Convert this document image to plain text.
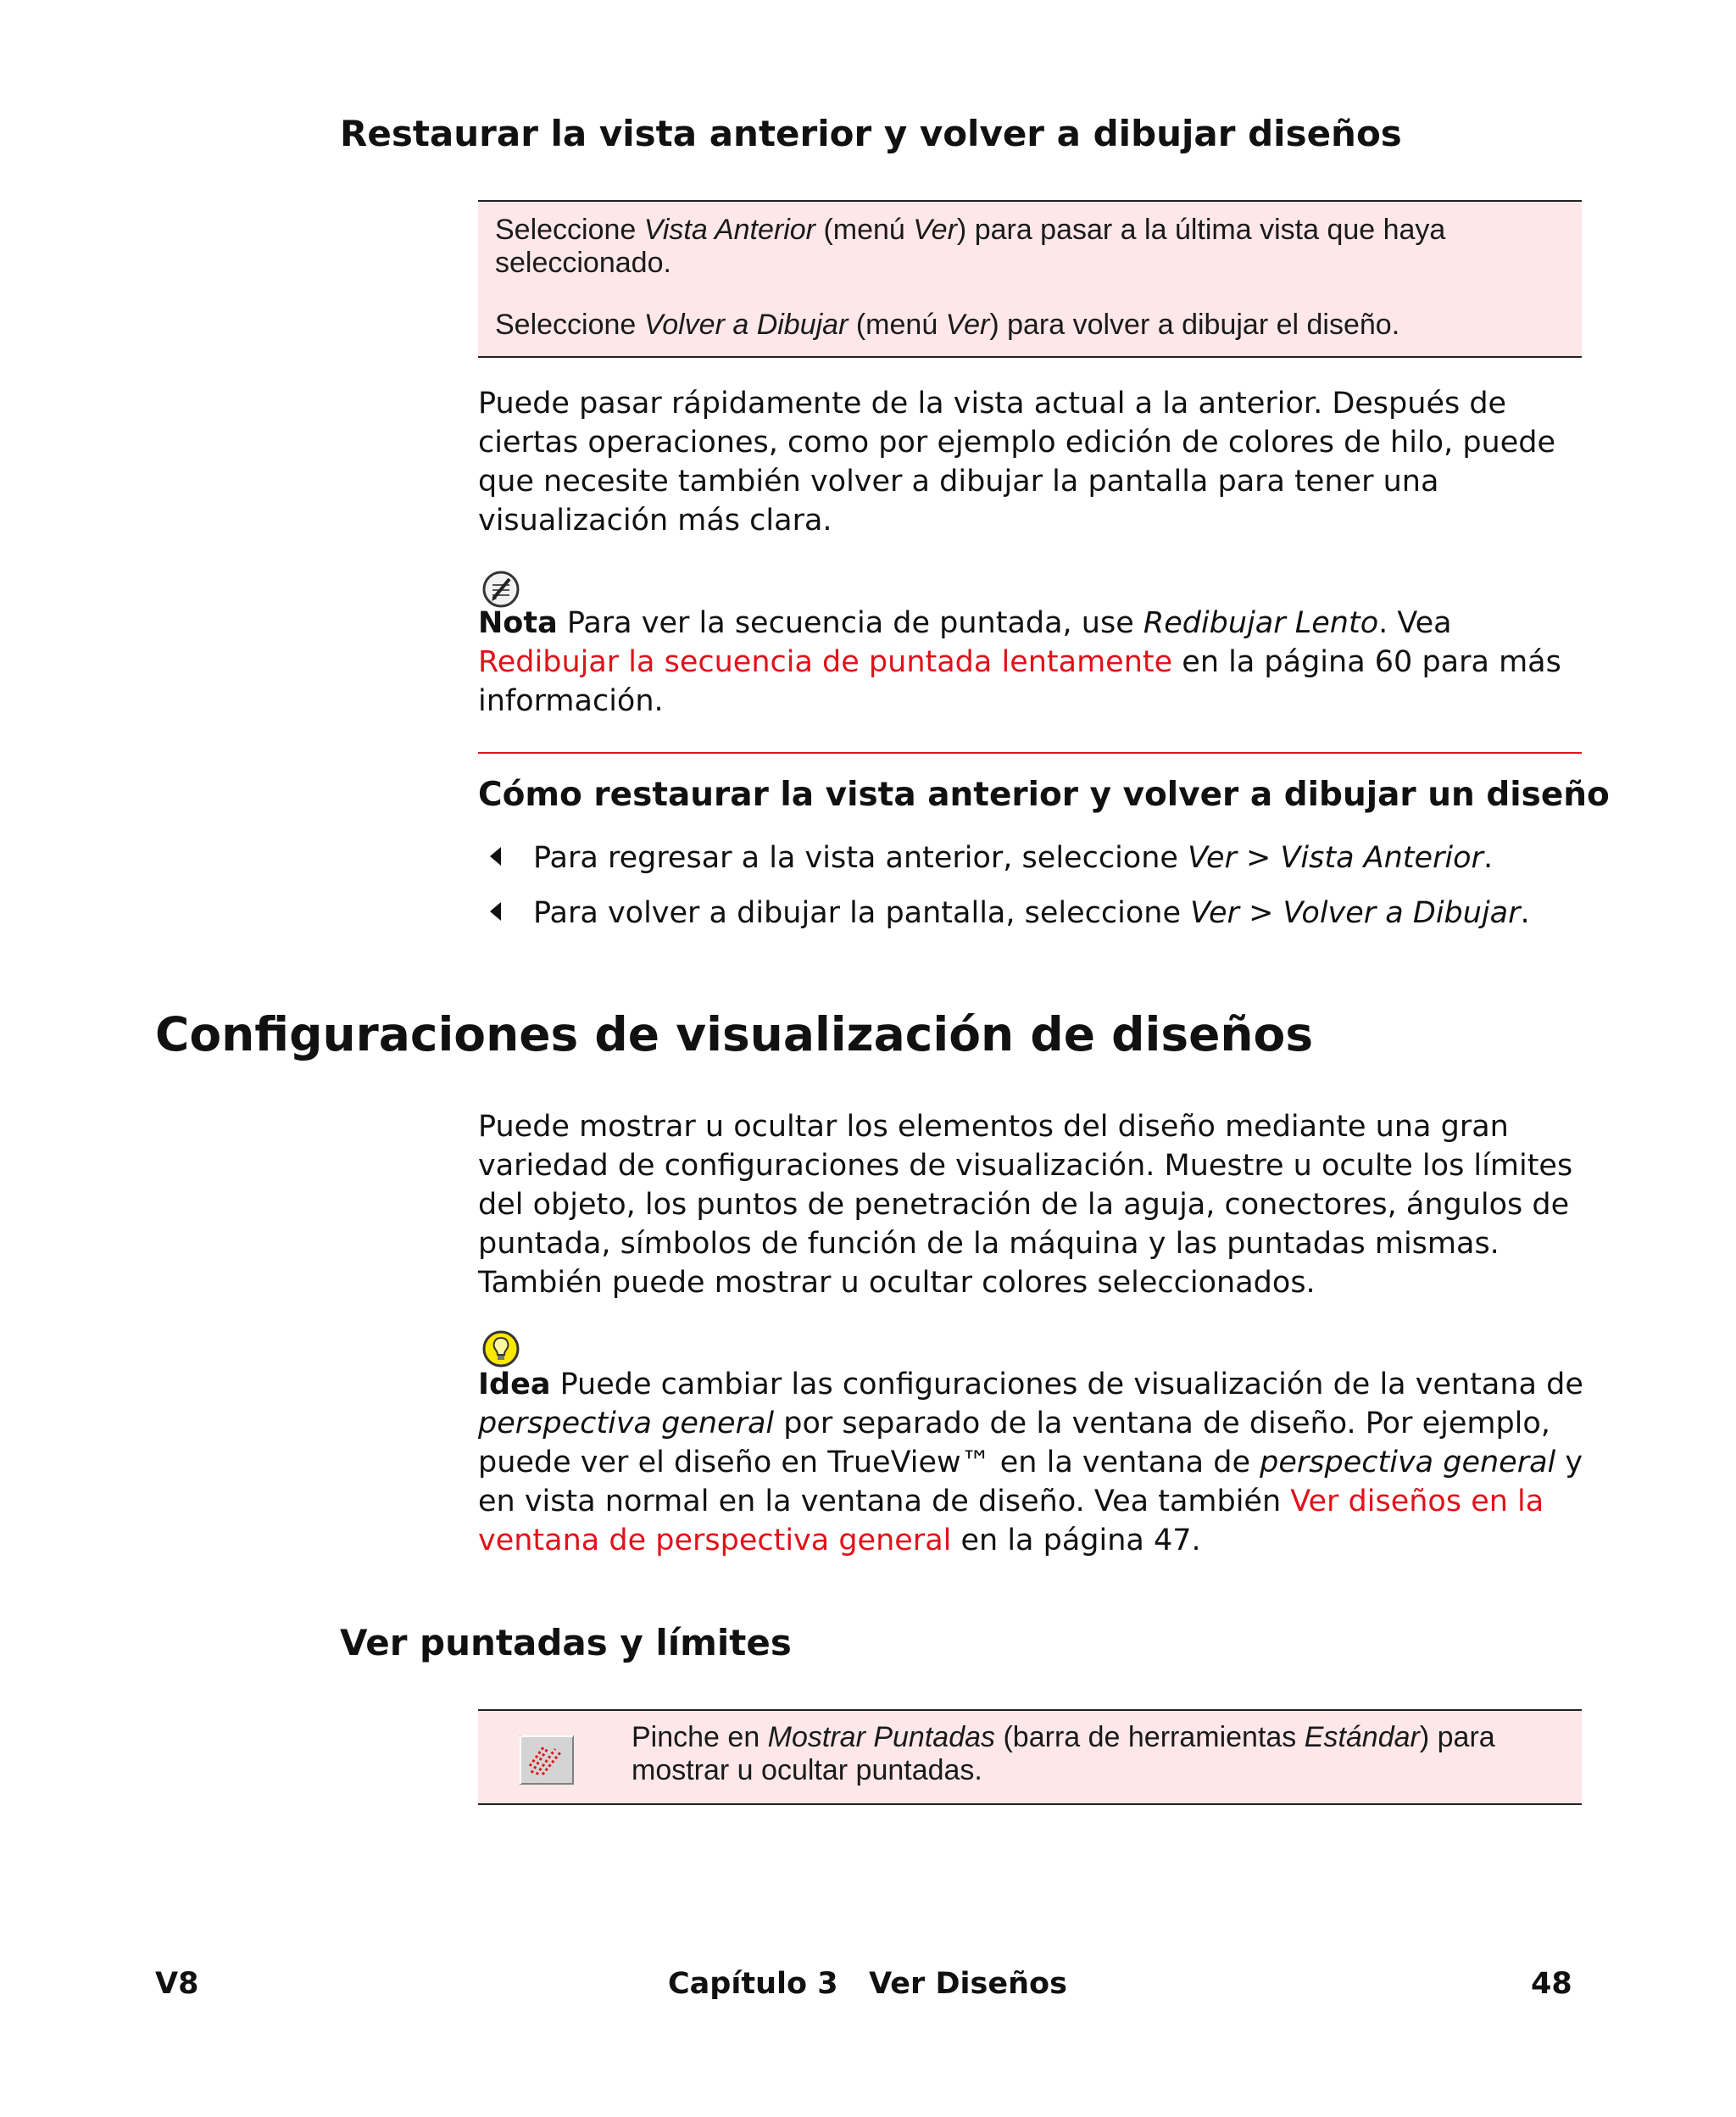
Restaurar la vista anterior y volver a dibujar diseños

Seleccione Vista Anterior (menú Ver) para pasar a la última vista que haya seleccionado.

Seleccione Volver a Dibujar (menú Ver) para volver a dibujar el diseño.

Puede pasar rápidamente de la vista actual a la anterior. Después de ciertas operaciones, como por ejemplo edición de colores de hilo, puede que necesite también volver a dibujar la pantalla para tener una visualización más clara.

Nota Para ver la secuencia de puntada, use Redibujar Lento. Vea Redibujar la secuencia de puntada lentamente en la página 60 para más información.

Cómo restaurar la vista anterior y volver a dibujar un diseño
Para regresar a la vista anterior, seleccione Ver > Vista Anterior.
Para volver a dibujar la pantalla, seleccione Ver > Volver a Dibujar.
Configuraciones de visualización de diseños

Puede mostrar u ocultar los elementos del diseño mediante una gran variedad de configuraciones de visualización. Muestre u oculte los límites del objeto, los puntos de penetración de la aguja, conectores, ángulos de puntada, símbolos de función de la máquina y las puntadas mismas. También puede mostrar u ocultar colores seleccionados.

Idea Puede cambiar las configuraciones de visualización de la ventana de perspectiva general por separado de la ventana de diseño. Por ejemplo, puede ver el diseño en TrueView™ en la ventana de perspectiva general y en vista normal en la ventana de diseño. Vea también Ver diseños en la ventana de perspectiva general en la página 47.

Ver puntadas y límites

Pinche en Mostrar Puntadas (barra de herramientas Estándar) para mostrar u ocultar puntadas.

V8	Capítulo 3   Ver Diseños	48
